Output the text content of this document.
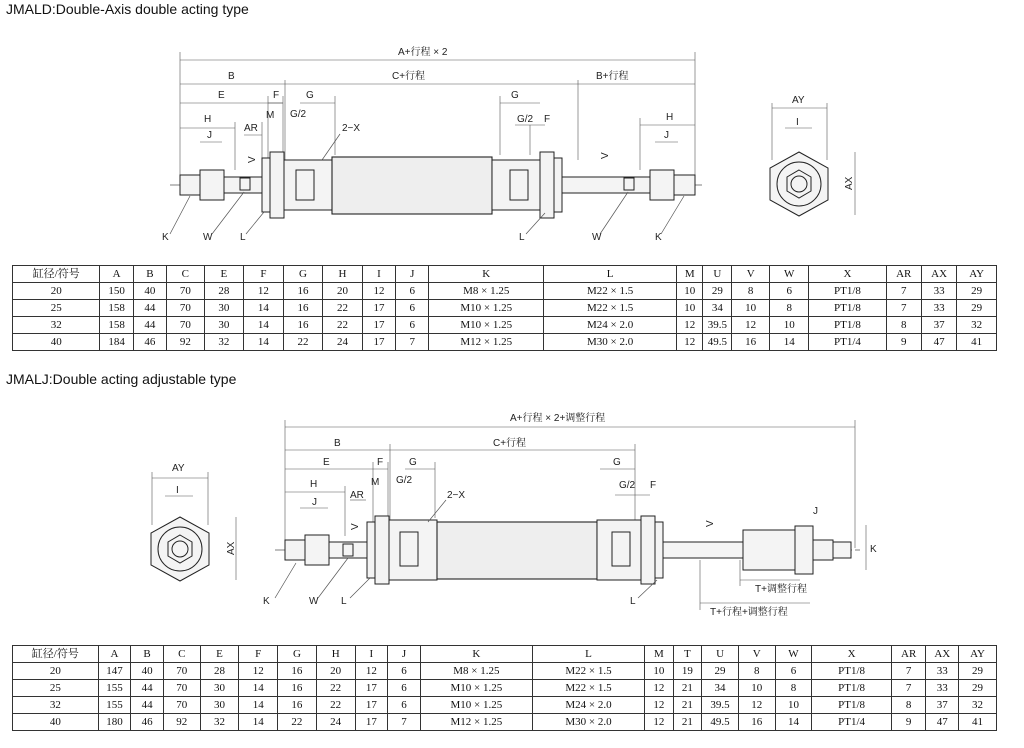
JMALD:Double-Axis double acting type
A+行程 × 2
B	C+行程	B+行程
E	F	G	G
H	H
M G/2	G/2 F
AR
J	J
2−X
K	W	L	L	W	K
V
V
AY
I
AX
缸径/符号	A	B	C	E	F	G	H	I	J	K	L	M	U	V	W	X	AR	AX	AY
20	150	40	70	28	12	16	20	12	6	M8 × 1.25	M22 × 1.5	10	29	8	6	PT1/8	7	33	29
25	158	44	70	30	14	16	22	17	6	M10 × 1.25	M22 × 1.5	10	34	10	8	PT1/8	7	33	29
32	158	44	70	30	14	16	22	17	6	M10 × 1.25	M24 × 2.0	12	39.5	12	10	PT1/8	8	37	32
40	184	46	92	32	14	22	24	17	7	M12 × 1.25	M30 × 2.0	12	49.5	16	14	PT1/4	9	47	41
JMALJ:Double acting adjustable type
A+行程 × 2+调整行程
B	C+行程
E	F	G	G
H	M G/2	G/2 F
AR
J
J
2−X
K	W L	L
K
T+调整行程
T+行程+调整行程
V	V
AY
I
AX
缸径/符号	A	B	C	E	F	G	H	I	J	K	L	M	T	U	V	W	X	AR	AX	AY
20	147	40	70	28	12	16	20	12	6	M8 × 1.25	M22 × 1.5	10	19	29	8	6	PT1/8	7	33	29
25	155	44	70	30	14	16	22	17	6	M10 × 1.25	M22 × 1.5	12	21	34	10	8	PT1/8	7	33	29
32	155	44	70	30	14	16	22	17	6	M10 × 1.25	M24 × 2.0	12	21	39.5	12	10	PT1/8	8	37	32
40	180	46	92	32	14	22	24	17	7	M12 × 1.25	M30 × 2.0	12	21	49.5	16	14	PT1/4	9	47	41
